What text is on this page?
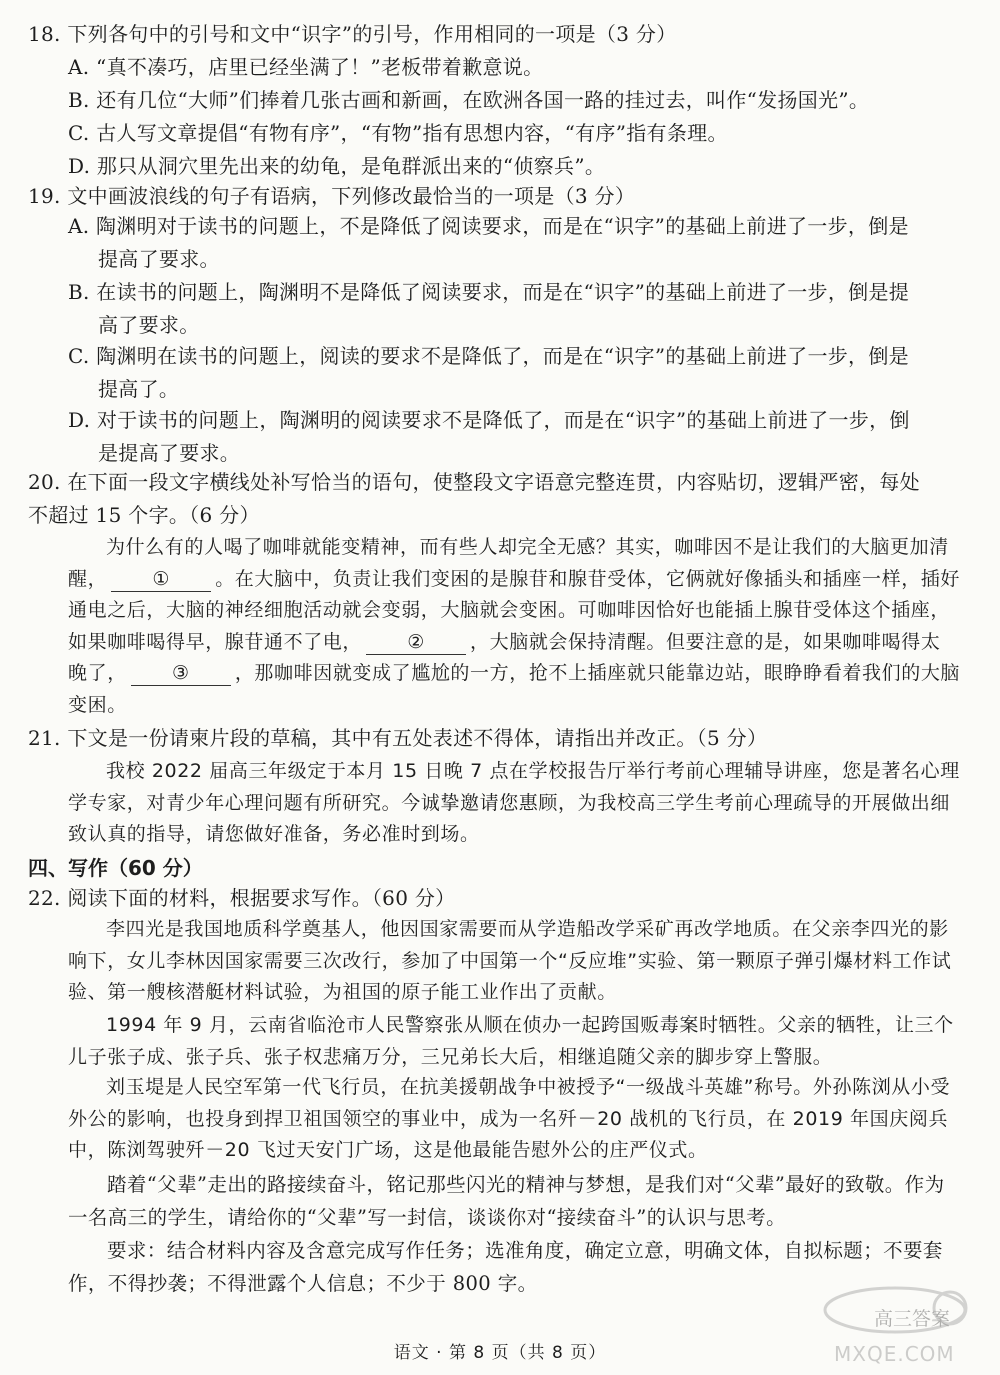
18. 下列各句中的引号和文中“识字”的引号，作用相同的一项是（3 分）
A. “真不凑巧，店里已经坐满了！”老板带着歉意说。
B. 还有几位“大师”们捧着几张古画和新画，在欧洲各国一路的挂过去，叫作“发扬国光”。
C. 古人写文章提倡“有物有序”，“有物”指有思想内容，“有序”指有条理。
D. 那只从洞穴里先出来的幼龟，是龟群派出来的“侦察兵”。
19. 文中画波浪线的句子有语病，下列修改最恰当的一项是（3 分）
A. 陶渊明对于读书的问题上，不是降低了阅读要求，而是在“识字”的基础上前进了一步，倒是
提高了要求。
B. 在读书的问题上，陶渊明不是降低了阅读要求，而是在“识字”的基础上前进了一步，倒是提
高了要求。
C. 陶渊明在读书的问题上，阅读的要求不是降低了，而是在“识字”的基础上前进了一步，倒是
提高了。
D. 对于读书的问题上，陶渊明的阅读要求不是降低了，而是在“识字”的基础上前进了一步，倒
是提高了要求。
20. 在下面一段文字横线处补写恰当的语句，使整段文字语意完整连贯，内容贴切，逻辑严密，每处
不超过 15 个字。（6 分）
为什么有的人喝了咖啡就能变精神，而有些人却完全无感？其实，咖啡因不是让我们的大脑更加清醒， ① 。在大脑中，负责让我们变困的是腺苷和腺苷受体，它俩就好像插头和插座一样，插好通电之后，大脑的神经细胞活动就会变弱，大脑就会变困。可咖啡因恰好也能插上腺苷受体这个插座，如果咖啡喝得早，腺苷通不了电， ② ，大脑就会保持清醒。但要注意的是，如果咖啡喝得太晚了， ③ ，那咖啡因就变成了尴尬的一方，抢不上插座就只能靠边站，眼睁睁看着我们的大脑变困。
21. 下文是一份请柬片段的草稿，其中有五处表述不得体，请指出并改正。（5 分）
我校 2022 届高三年级定于本月 15 日晚 7 点在学校报告厅举行考前心理辅导讲座，您是著名心理学专家，对青少年心理问题有所研究。今诚挚邀请您惠顾，为我校高三学生考前心理疏导的开展做出细致认真的指导，请您做好准备，务必准时到场。
四、写作（60 分）
22. 阅读下面的材料，根据要求写作。（60 分）
李四光是我国地质科学奠基人，他因国家需要而从学造船改学采矿再改学地质。在父亲李四光的影响下，女儿李林因国家需要三次改行，参加了中国第一个“反应堆”实验、第一颗原子弹引爆材料工作试验、第一艘核潜艇材料试验，为祖国的原子能工业作出了贡献。
1994 年 9 月，云南省临沧市人民警察张从顺在侦办一起跨国贩毒案时牺牲。父亲的牺牲，让三个儿子张子成、张子兵、张子权悲痛万分，三兄弟长大后，相继追随父亲的脚步穿上警服。
刘玉堤是人民空军第一代飞行员，在抗美援朝战争中被授予“一级战斗英雄”称号。外孙陈浏从小受外公的影响，也投身到捍卫祖国领空的事业中，成为一名歼－20 战机的飞行员，在 2019 年国庆阅兵中，陈浏驾驶歼－20 飞过天安门广场，这是他最能告慰外公的庄严仪式。
踏着“父辈”走出的路接续奋斗，铭记那些闪光的精神与梦想，是我们对“父辈”最好的致敬。作为一名高三的学生，请给你的“父辈”写一封信，谈谈你对“接续奋斗”的认识与思考。
要求：结合材料内容及含意完成写作任务；选准角度，确定立意，明确文体，自拟标题；不要套作，不得抄袭；不得泄露个人信息；不少于 800 字。
语文 · 第 8 页（共 8 页）
高三答案
MXQE.COM
